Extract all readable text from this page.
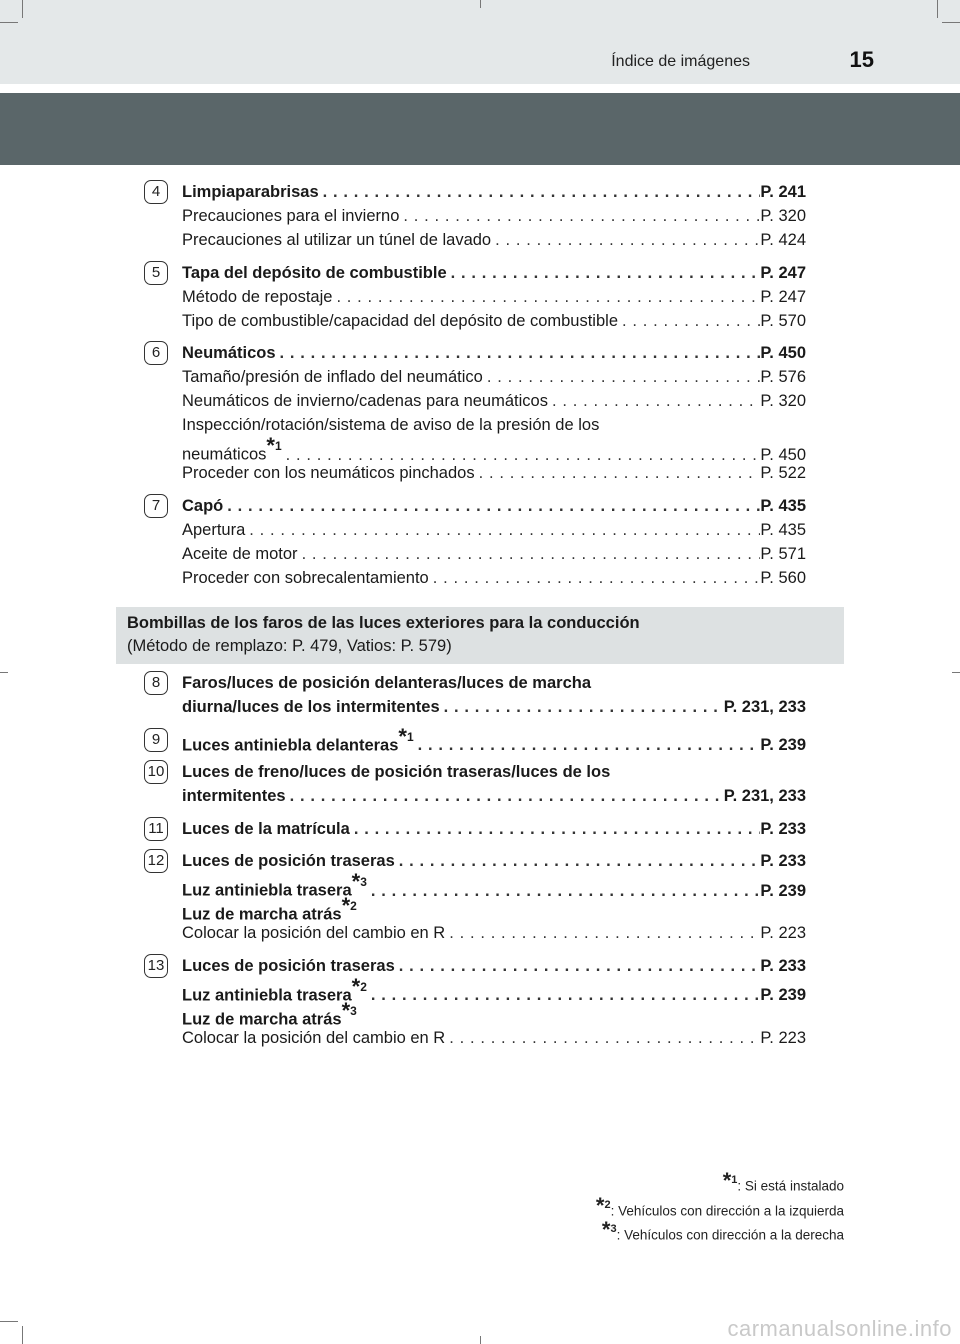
Índice de imágenes	15
4	Limpiaparabrisas . . .	P. 241
Precauciones para el invierno . . .	P. 320
Precauciones al utilizar un túnel de lavado . . .	P. 424
5	Tapa del depósito de combustible . . .	P. 247
Método de repostaje . . .	P. 247
Tipo de combustible/capacidad del depósito de combustible . . .	P. 570
6	Neumáticos . . .	P. 450
Tamaño/presión de inflado del neumático . . .	P. 576
Neumáticos de invierno/cadenas para neumáticos . . .	P. 320
Inspección/rotación/sistema de aviso de la presión de los
neumáticos*$^1$ . . .	P. 450
Proceder con los neumáticos pinchados . . .	P. 522
7	Capó . . .	P. 435
Apertura . . .	P. 435
Aceite de motor . . .	P. 571
Proceder con sobrecalentamiento . . .	P. 560
Bombillas de los faros de las luces exteriores para la conducción
(Método de remplazo: P. 479, Vatios: P. 579)
8	Faros/luces de posición delanteras/luces de marcha
diurna/luces de los intermitentes . . .	P. 231, 233
9	Luces antiniebla delanteras*$^1$ . . .	P. 239
10 Luces de freno/luces de posición traseras/luces de los
intermitentes . . .	P. 231, 233
11 Luces de la matrícula . . .	P. 233
12 Luces de posición traseras . . .	P. 233
Luz antiniebla trasera*$^3$ . . .	P. 239
Luz de marcha atrás*$^2$
Colocar la posición del cambio en R . . .	P. 223
13 Luces de posición traseras . . .	P. 233
Luz antiniebla trasera*$^2$ . . .	P. 239
Luz de marcha atrás*$^3$
Colocar la posición del cambio en R . . .	P. 223
*$^1$: Si está instalado
*$^2$: Vehículos con dirección a la izquierda
*$^3$: Vehículos con dirección a la derecha
carmanualsonline.info
